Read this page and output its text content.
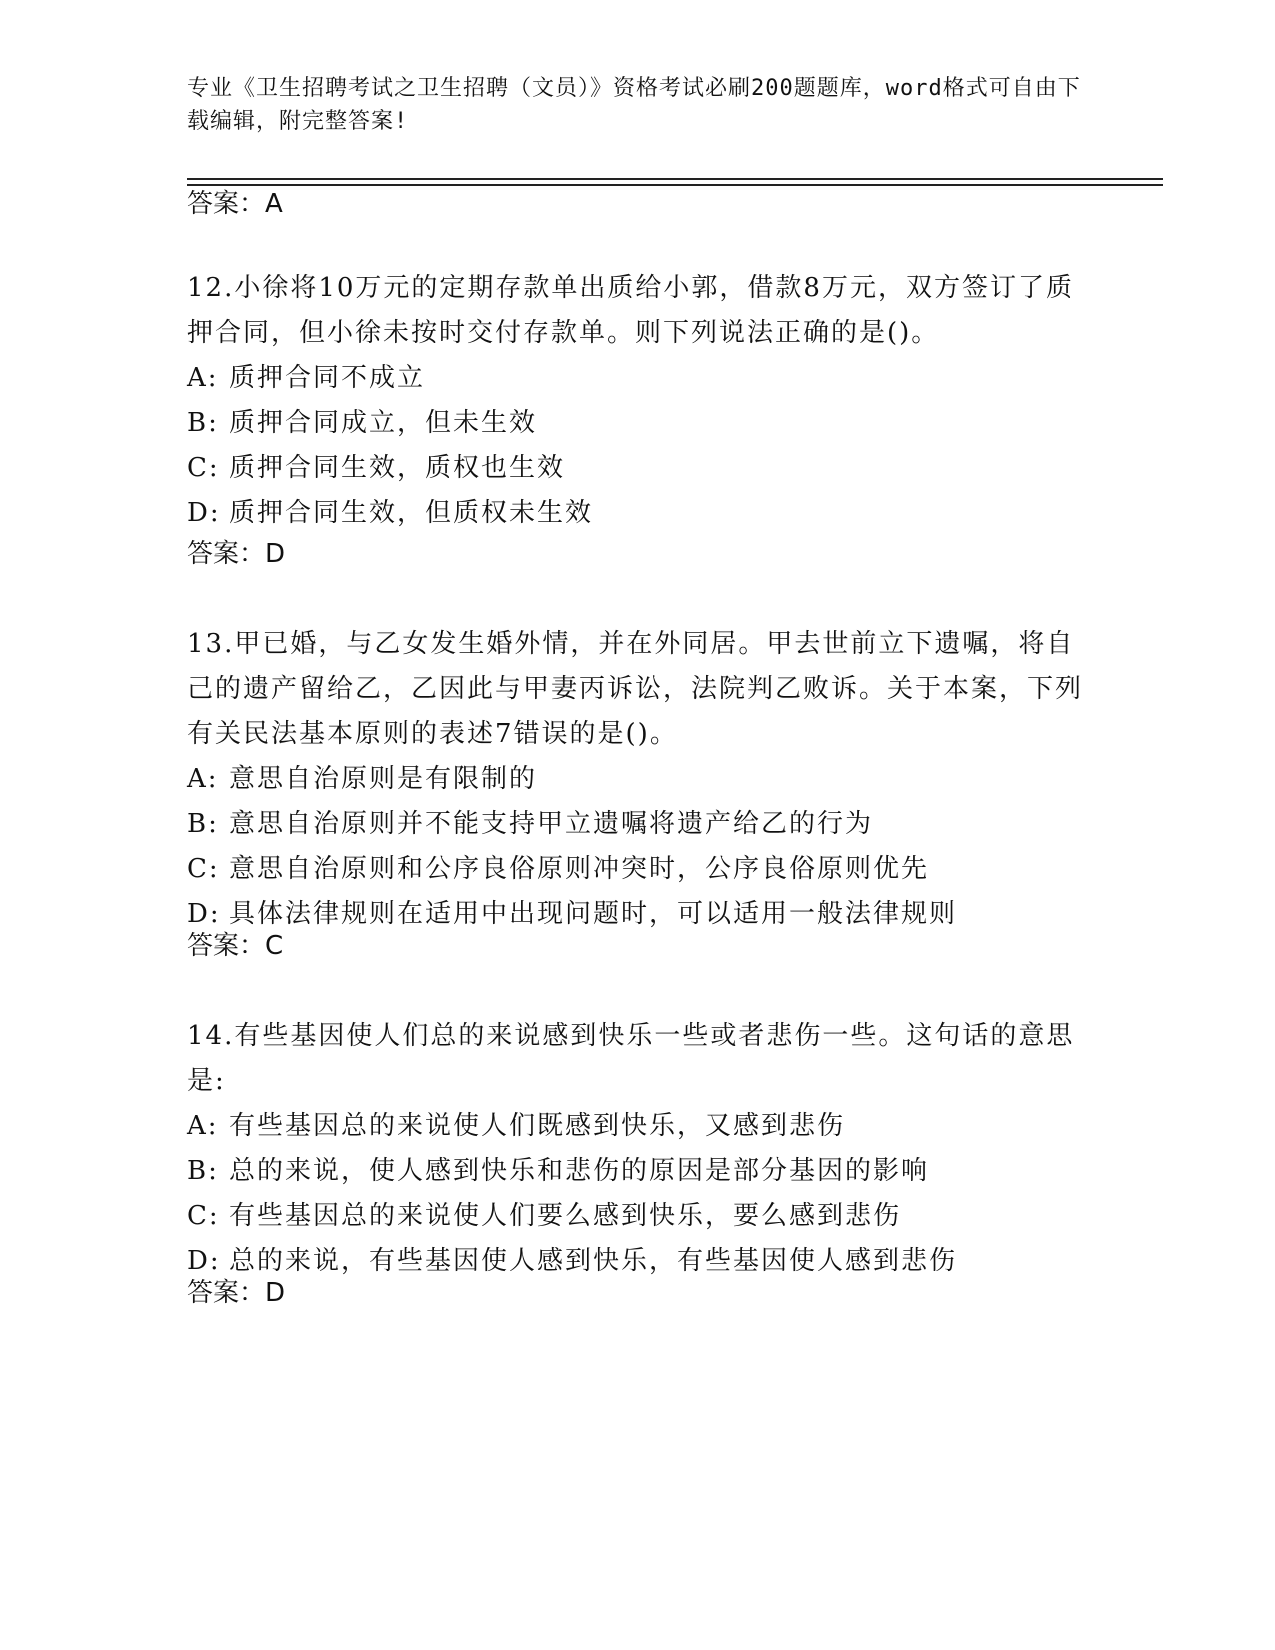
专业《卫生招聘考试之卫生招聘（文员）》资格考试必刷200题题库，word格式可自由下载编辑，附完整答案!
答案：A

12.小徐将10万元的定期存款单出质给小郭，借款8万元，双方签订了质押合同，但小徐未按时交付存款单。则下列说法正确的是()。

A: 质押合同不成立

B: 质押合同成立，但未生效

C: 质押合同生效，质权也生效

D: 质押合同生效，但质权未生效

答案：D

13.甲已婚，与乙女发生婚外情，并在外同居。甲去世前立下遗嘱，将自己的遗产留给乙，乙因此与甲妻丙诉讼，法院判乙败诉。关于本案，下列有关民法基本原则的表述7错误的是()。

A: 意思自治原则是有限制的

B: 意思自治原则并不能支持甲立遗嘱将遗产给乙的行为

C: 意思自治原则和公序良俗原则冲突时，公序良俗原则优先

D: 具体法律规则在适用中出现问题时，可以适用一般法律规则

答案：C

14.有些基因使人们总的来说感到快乐一些或者悲伤一些。这句话的意思是:

A: 有些基因总的来说使人们既感到快乐，又感到悲伤

B: 总的来说，使人感到快乐和悲伤的原因是部分基因的影响

C: 有些基因总的来说使人们要么感到快乐，要么感到悲伤

D: 总的来说，有些基因使人感到快乐，有些基因使人感到悲伤

答案：D
